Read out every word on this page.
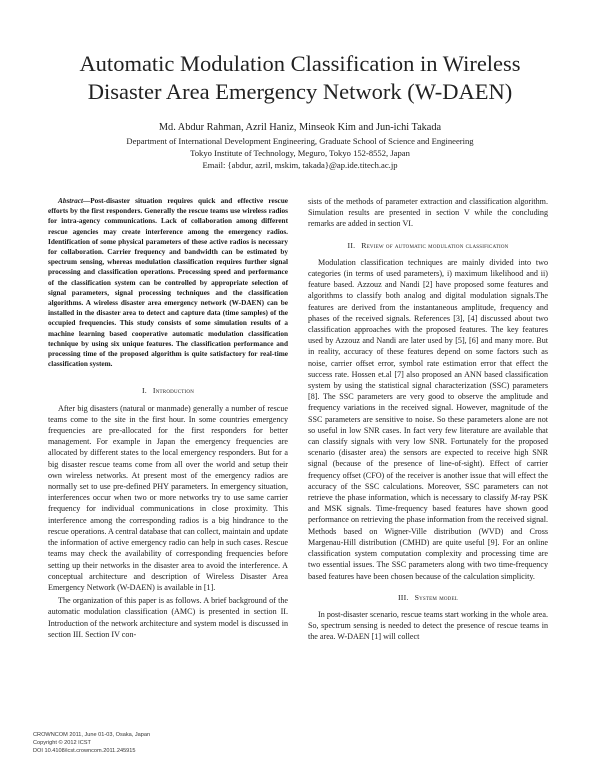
Automatic Modulation Classification in Wireless
Disaster Area Emergency Network (W-DAEN)
Md. Abdur Rahman, Azril Haniz, Minseok Kim and Jun-ichi Takada
Department of International Development Engineering, Graduate School of Science and Engineering
Tokyo Institute of Technology, Meguro, Tokyo 152-8552, Japan
Email: {abdur, azril, mskim, takada}@ap.ide.titech.ac.jp

Abstract—Post-disaster situation requires quick and effective rescue efforts by the first responders. Generally the rescue teams use wireless radios for intra-agency communications. Lack of collaboration among different rescue agencies may create interference among the emergency radios. Identification of some physical parameters of these active radios is necessary for collaboration. Carrier frequency and bandwidth can be estimated by spectrum sensing, whereas modulation classification requires further signal processing and classification operations. Processing speed and performance of the classification system can be controlled by appropriate selection of signal parameters, signal processing techniques and the classification algorithms. A wireless disaster area emergency network (W-DAEN) can be installed in the disaster area to detect and capture data (time samples) of the occupied frequencies. This study consists of some simulation results of a machine learning based cooperative automatic modulation classification technique by using six unique features. The classification performance and processing time of the proposed algorithm is quite satisfactory for real-time classification system.

I. Introduction

After big disasters (natural or manmade) generally a number of rescue teams come to the site in the first hour. In some countries emergency frequencies are pre-allocated for the first responders for better management. For example in Japan the emergency frequencies are allocated by different states to the local emergency responders. But for a big disaster rescue teams come from all over the world and setup their own wireless networks. At present most of the emergency radios are normally set to use pre-defined PHY parameters. In emergency situation, interferences occur when two or more networks try to use same carrier frequency for individual communications in close proximity. This interference among the corresponding radios is a big hindrance to the rescue operations. A central database that can collect, maintain and update the information of active emergency radio can help in such cases. Rescue teams may check the availability of corresponding frequencies before setting up their networks in the disaster area to avoid the interference. A conceptual architecture and description of Wireless Disaster Area Emergency Network (W-DAEN) is available in [1].

The organization of this paper is as follows. A brief background of the automatic modulation classification (AMC) is presented in section II. Introduction of the network architecture and system model is discussed in section III. Section IV con-

sists of the methods of parameter extraction and classification algorithm. Simulation results are presented in section V while the concluding remarks are added in section VI.

II. Review of automatic modulation classification

Modulation classification techniques are mainly divided into two categories (in terms of used parameters), i) maximum likelihood and ii) feature based. Azzouz and Nandi [2] have proposed some features and algorithms to classify both analog and digital modulation signals.The features are derived from the instantaneous amplitude, frequency and phases of the received signals. References [3], [4] discussed about two classification approaches with the proposed features. The key features used by Azzouz and Nandi are later used by [5], [6] and many more. But in reality, accuracy of these features depend on some factors such as noise, carrier offset error, symbol rate estimation error that effect the success rate. Hossen et.al [7] also proposed an ANN based classification system by using the statistical signal characterization (SSC) parameters [8]. The SSC parameters are very good to observe the amplitude and frequency variations in the received signal. However, magnitude of the SSC parameters are sensitive to noise. So these parameters alone are not so useful in low SNR cases. In fact very few literature are available that can classify signals with very low SNR. Fortunately for the proposed scenario (disaster area) the sensors are expected to receive high SNR signal (because of the presence of line-of-sight). Effect of carrier frequency offset (CFO) of the receiver is another issue that will effect the accuracy of the SSC calculations. Moreover, SSC parameters can not retrieve the phase information, which is necessary to classify M-ray PSK and MSK signals. Time-frequency based features have shown good performance on retrieving the phase information from the received signal. Methods based on Wigner-Ville distribution (WVD) and Cross Margenau-Hill distribution (CMHD) are quite useful [9]. For an online classification system computation complexity and processing time are two essential issues. The SSC parameters along with two time-frequency based features have been chosen because of the calculation simplicity.

III. System model

In post-disaster scenario, rescue teams start working in the whole area. So, spectrum sensing is needed to detect the presence of rescue teams in the area. W-DAEN [1] will collect

CROWNCOM 2011, June 01-03, Osaka, Japan
Copyright © 2012 ICST
DOI 10.4108/icst.crowncom.2011.245915
